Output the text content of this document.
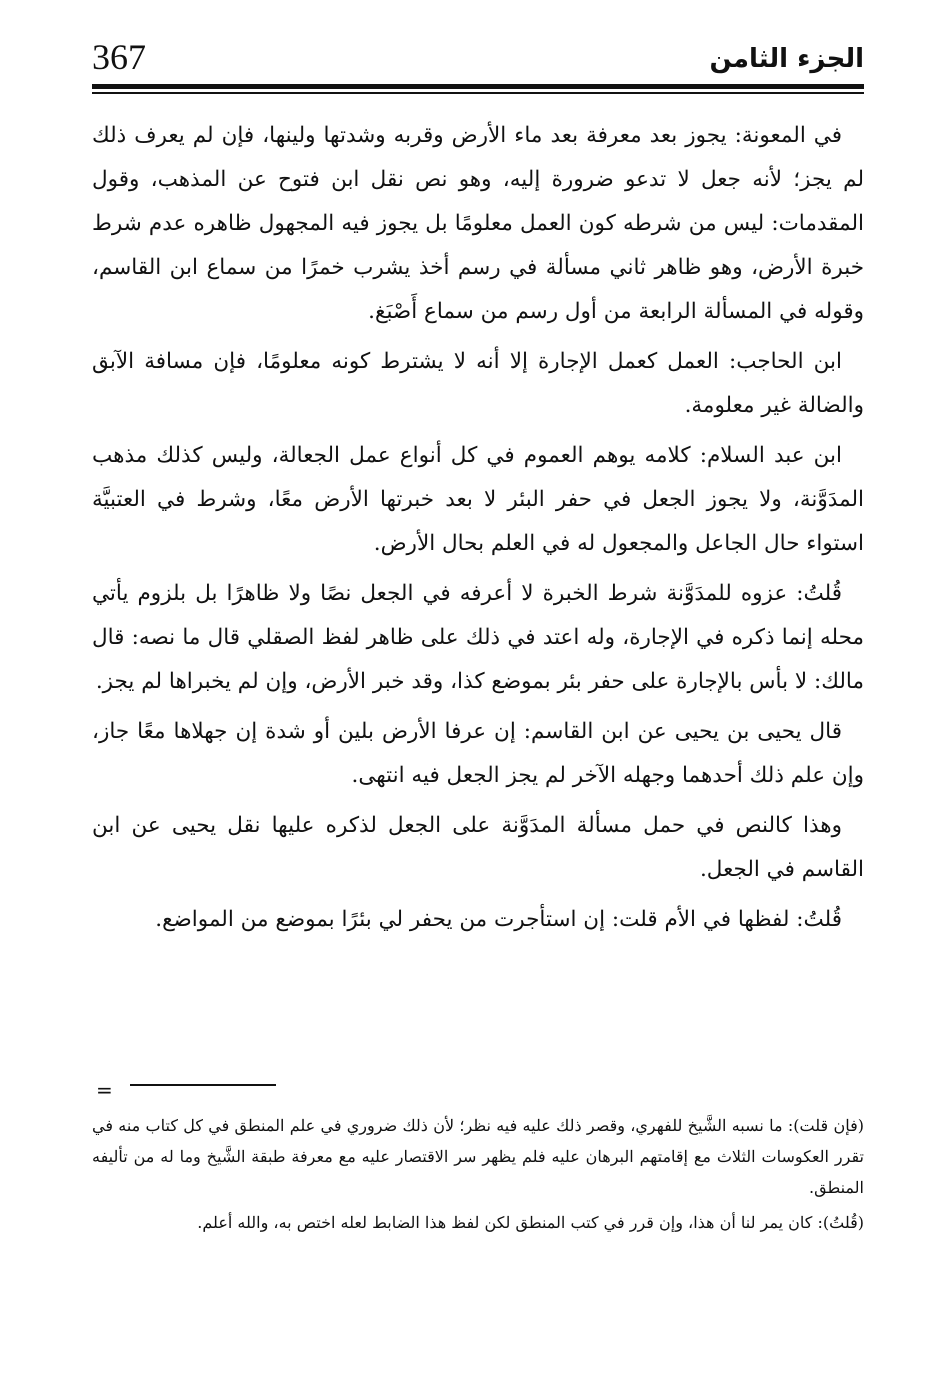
367	الجزء الثامن

في المعونة: يجوز بعد معرفة بعد ماء الأرض وقربه وشدتها ولينها، فإن لم يعرف ذلك لم يجز؛ لأنه جعل لا تدعو ضرورة إليه، وهو نص نقل ابن فتوح عن المذهب، وقول المقدمات: ليس من شرطه كون العمل معلومًا بل يجوز فيه المجهول ظاهره عدم شرط خبرة الأرض، وهو ظاهر ثاني مسألة في رسم أخذ يشرب خمرًا من سماع ابن القاسم، وقوله في المسألة الرابعة من أول رسم من سماع أَصْبَغ.

ابن الحاجب: العمل كعمل الإجارة إلا أنه لا يشترط كونه معلومًا، فإن مسافة الآبق والضالة غير معلومة.

ابن عبد السلام: كلامه يوهم العموم في كل أنواع عمل الجعالة، وليس كذلك مذهب المدَوَّنة، ولا يجوز الجعل في حفر البئر لا بعد خبرتها الأرض معًا، وشرط في العتبيَّة استواء حال الجاعل والمجعول له في العلم بحال الأرض.

قُلتُ: عزوه للمدَوَّنة شرط الخبرة لا أعرفه في الجعل نصًا ولا ظاهرًا بل بلزوم يأتي محله إنما ذكره في الإجارة، وله اعتد في ذلك على ظاهر لفظ الصقلي قال ما نصه: قال مالك: لا بأس بالإجارة على حفر بئر بموضع كذا، وقد خبر الأرض، وإن لم يخبراها لم يجز.

قال يحيى بن يحيى عن ابن القاسم: إن عرفا الأرض بلين أو شدة إن جهلاها معًا جاز، وإن علم ذلك أحدهما وجهله الآخر لم يجز الجعل فيه انتهى.

وهذا كالنص في حمل مسألة المدَوَّنة على الجعل لذكره عليها نقل يحيى عن ابن القاسم في الجعل.

قُلتُ: لفظها في الأم قلت: إن استأجرت من يحفر لي بئرًا بموضع من المواضع.

=

(فإن قلت): ما نسبه الشَّيخ للفهري، وقصر ذلك عليه فيه نظر؛ لأن ذلك ضروري في علم المنطق في كل كتاب منه في تقرر العكوسات الثلاث مع إقامتهم البرهان عليه فلم يظهر سر الاقتصار عليه مع معرفة طبقة الشَّيخ وما له من تأليفه المنطق.

(قُلتُ): كان يمر لنا أن هذا، وإن قرر في كتب المنطق لكن لفظ هذا الضابط لعله اختص به، والله أعلم.
